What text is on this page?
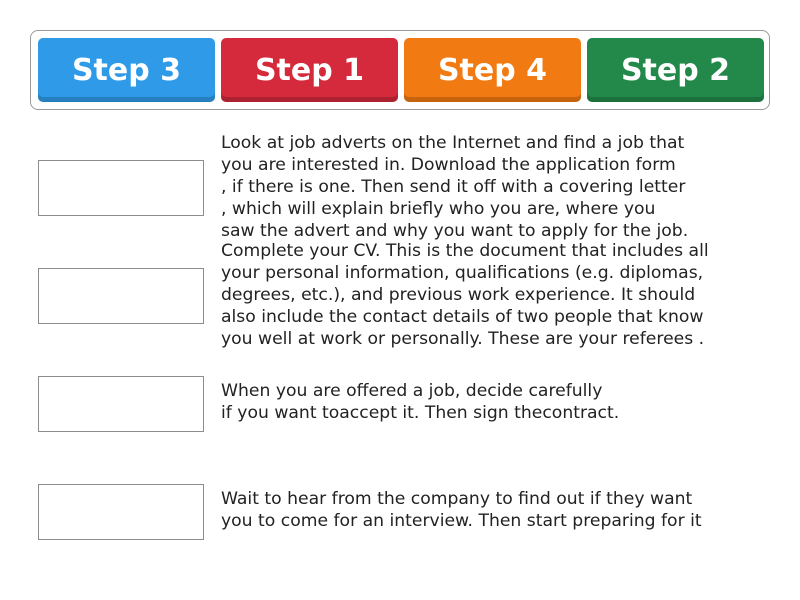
Step 3	Step 1	Step 4	Step 2

Look at job adverts on the Internet and find a job that
you are interested in. Download the application form
, if there is one. Then send it off with a covering letter
, which will explain briefly who you are, where you
saw the advert and why you want to apply for the job.

Complete your CV. This is the document that includes all
your personal information, qualifications (e.g. diplomas,
degrees, etc.), and previous work experience. It should
also include the contact details of two people that know
you well at work or personally. These are your referees .

When you are offered a job, decide carefully
if you want toaccept it. Then sign thecontract.

Wait to hear from the company to find out if they want
you to come for an interview. Then start preparing for it
